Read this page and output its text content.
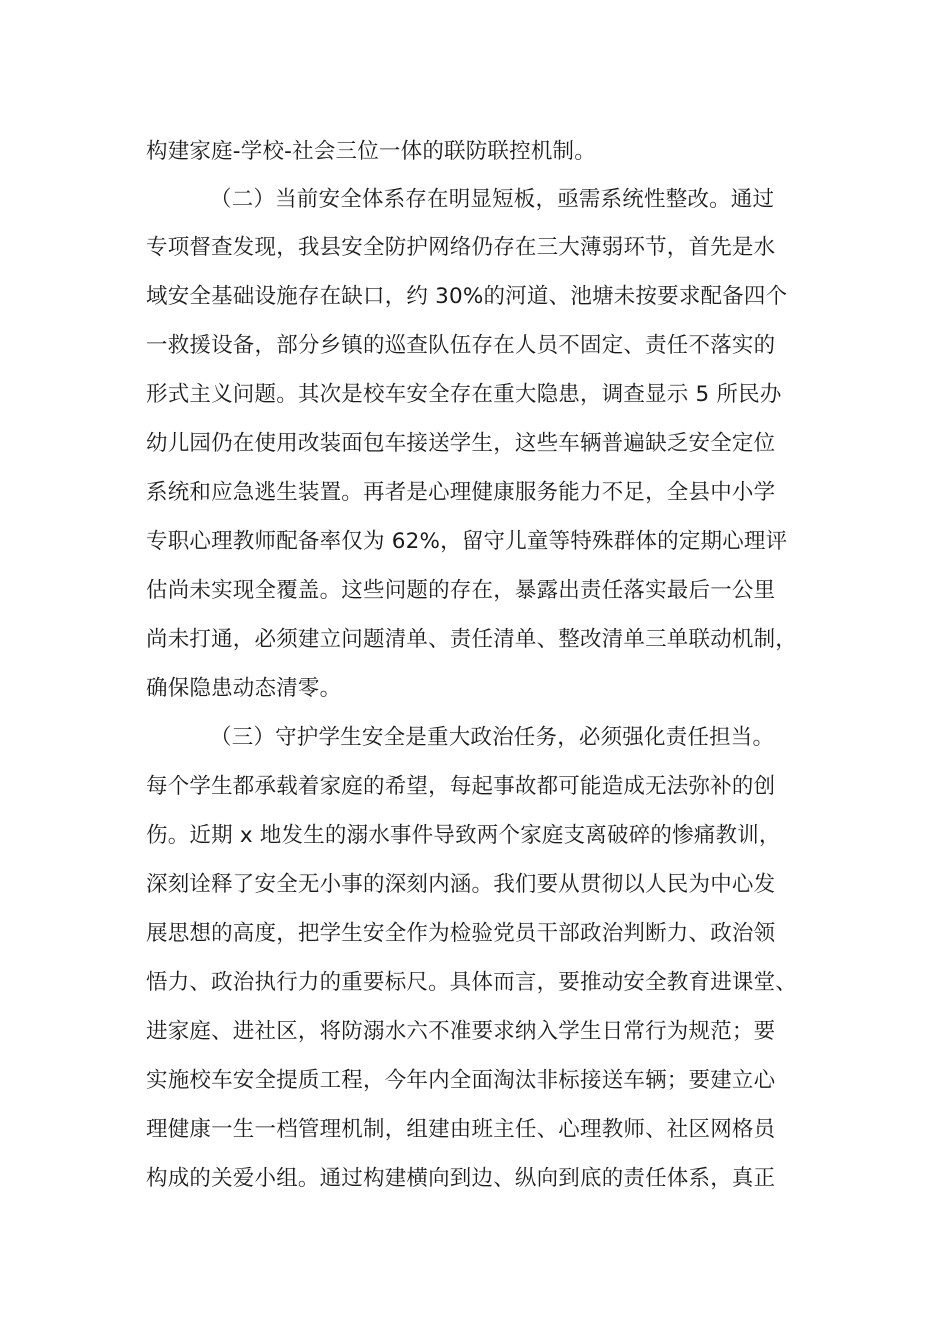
构建家庭-学校-社会三位一体的联防联控机制。
（二）当前安全体系存在明显短板，亟需系统性整改。通过
专项督查发现，我县安全防护网络仍存在三大薄弱环节，首先是水
域安全基础设施存在缺口，约 30%的河道、池塘未按要求配备四个
一救援设备，部分乡镇的巡查队伍存在人员不固定、责任不落实的
形式主义问题。其次是校车安全存在重大隐患，调查显示 5 所民办
幼儿园仍在使用改装面包车接送学生，这些车辆普遍缺乏安全定位
系统和应急逃生装置。再者是心理健康服务能力不足，全县中小学
专职心理教师配备率仅为 62%，留守儿童等特殊群体的定期心理评
估尚未实现全覆盖。这些问题的存在，暴露出责任落实最后一公里
尚未打通，必须建立问题清单、责任清单、整改清单三单联动机制，
确保隐患动态清零。
（三）守护学生安全是重大政治任务，必须强化责任担当。
每个学生都承载着家庭的希望，每起事故都可能造成无法弥补的创
伤。近期 x 地发生的溺水事件导致两个家庭支离破碎的惨痛教训，
深刻诠释了安全无小事的深刻内涵。我们要从贯彻以人民为中心发
展思想的高度，把学生安全作为检验党员干部政治判断力、政治领
悟力、政治执行力的重要标尺。具体而言，要推动安全教育进课堂、
进家庭、进社区，将防溺水六不准要求纳入学生日常行为规范；要
实施校车安全提质工程，今年内全面淘汰非标接送车辆；要建立心
理健康一生一档管理机制，组建由班主任、心理教师、社区网格员
构成的关爱小组。通过构建横向到边、纵向到底的责任体系，真正
